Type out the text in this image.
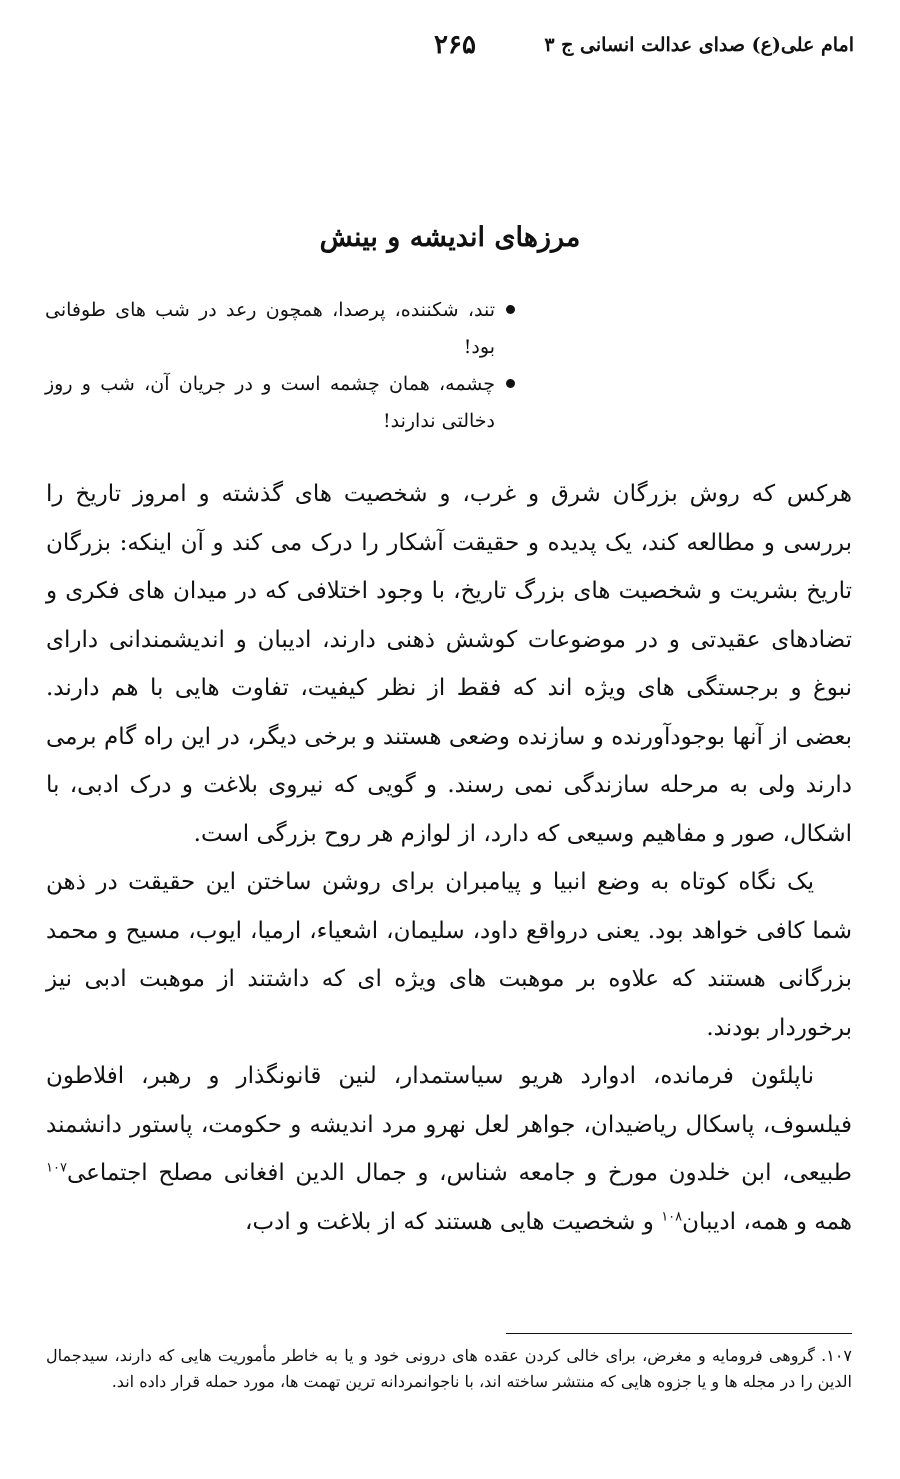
امام علی(ع) صدای عدالت انسانی ج ۳
۲۶۵
مرزهای اندیشه و بینش
تند، شکننده، پرصدا، همچون رعد در شب های طوفانی بود!
چشمه، همان چشمه است و در جریان آن، شب و روز دخالتی ندارند!

هرکس که روش بزرگان شرق و غرب، و شخصیت های گذشته و امروز تاریخ را بررسی و مطالعه کند، یک پدیده و حقیقت آشکار را درک می کند و آن اینکه: بزرگان تاریخ بشریت و شخصیت های بزرگ تاریخ، با وجود اختلافی که در میدان های فکری و تضادهای عقیدتی و در موضوعات کوشش ذهنی دارند، ادیبان و اندیشمندانی دارای نبوغ و برجستگی های ویژه اند که فقط از نظر کیفیت، تفاوت هایی با هم دارند. بعضی از آنها بوجودآورنده و سازنده وضعی هستند و برخی دیگر، در این راه گام برمی دارند ولی به مرحله سازندگی نمی رسند. و گویی که نیروی بلاغت و درک ادبی، با اشکال، صور و مفاهیم وسیعی که دارد، از لوازم هر روح بزرگی است.

یک نگاه کوتاه به وضع انبیا و پیامبران برای روشن ساختن این حقیقت در ذهن شما کافی خواهد بود. یعنی درواقع داود، سلیمان، اشعیاء، ارمیا، ایوب، مسیح و محمد بزرگانی هستند که علاوه بر موهبت های ویژه ای که داشتند از موهبت ادبی نیز برخوردار بودند.

ناپلئون فرمانده، ادوارد هریو سیاستمدار، لنین قانونگذار و رهبر، افلاطون فیلسوف، پاسکال ریاضیدان، جواهر لعل نهرو مرد اندیشه و حکومت، پاستور دانشمند طبیعی، ابن خلدون مورخ و جامعه شناس، و جمال الدین افغانی مصلح اجتماعی$^{۱۰۷}$ همه و همه، ادیبان$^{۱۰۸}$ و شخصیت هایی هستند که از بلاغت و ادب،

۱۰۷. گروهی فرومایه و مغرض، برای خالی کردن عقده های درونی خود و یا به خاطر مأموریت هایی که دارند، سیدجمال الدین را در مجله ها و یا جزوه هایی که منتشر ساخته اند، با ناجوانمردانه ترین تهمت ها، مورد حمله قرار داده اند.
